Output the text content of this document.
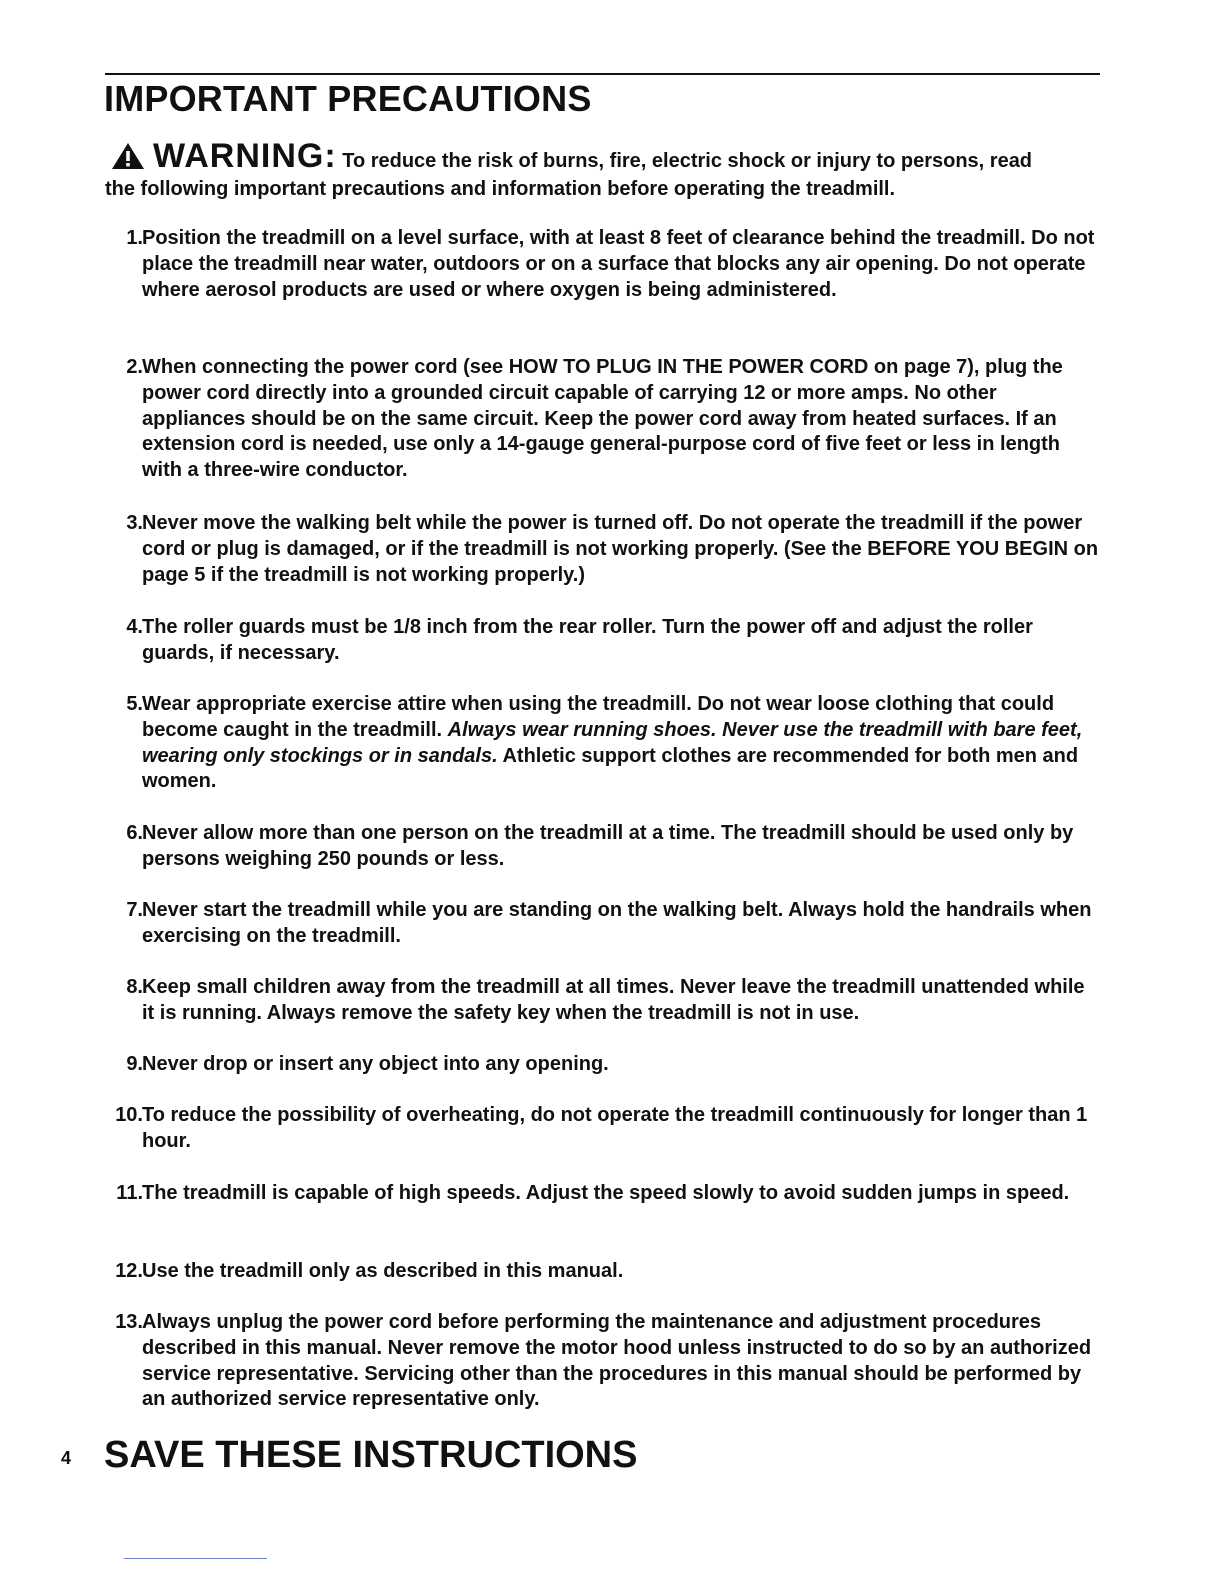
IMPORTANT PRECAUTIONS
WARNING: To reduce the risk of burns, fire, electric shock or injury to persons, read
the following important precautions and information before operating the treadmill.
1. Position the treadmill on a level surface, with at least 8 feet of clearance behind the treadmill. Do not place the treadmill near water, outdoors or on a surface that blocks any air opening. Do not operate where aerosol products are used or where oxygen is being administered.
2. When connecting the power cord (see HOW TO PLUG IN THE POWER CORD on page 7), plug the power cord directly into a grounded circuit capable of carrying 12 or more amps. No other appliances should be on the same circuit. Keep the power cord away from heated surfaces. If an extension cord is needed, use only a 14-gauge general-purpose cord of five feet or less in length with a three-wire conductor.
3. Never move the walking belt while the power is turned off. Do not operate the treadmill if the power cord or plug is damaged, or if the treadmill is not working properly. (See the BEFORE YOU BEGIN on page 5 if the treadmill is not working properly.)
4. The roller guards must be 1/8 inch from the rear roller. Turn the power off and adjust the roller guards, if necessary.
5. Wear appropriate exercise attire when using the treadmill. Do not wear loose clothing that could become caught in the treadmill. Always wear running shoes. Never use the treadmill with bare feet, wearing only stockings or in sandals. Athletic support clothes are recommended for both men and women.
6. Never allow more than one person on the treadmill at a time. The treadmill should be used only by persons weighing 250 pounds or less.
7. Never start the treadmill while you are standing on the walking belt. Always hold the handrails when exercising on the treadmill.
8. Keep small children away from the treadmill at all times. Never leave the treadmill unattended while it is running. Always remove the safety key when the treadmill is not in use.
9. Never drop or insert any object into any opening.
10. To reduce the possibility of overheating, do not operate the treadmill continuously for longer than 1 hour.
11. The treadmill is capable of high speeds. Adjust the speed slowly to avoid sudden jumps in speed.
12. Use the treadmill only as described in this manual.
13. Always unplug the power cord before performing the maintenance and adjustment procedures described in this manual. Never remove the motor hood unless instructed to do so by an authorized service representative. Servicing other than the procedures in this manual should be performed by an authorized service representative only.
4 SAVE THESE INSTRUCTIONS
